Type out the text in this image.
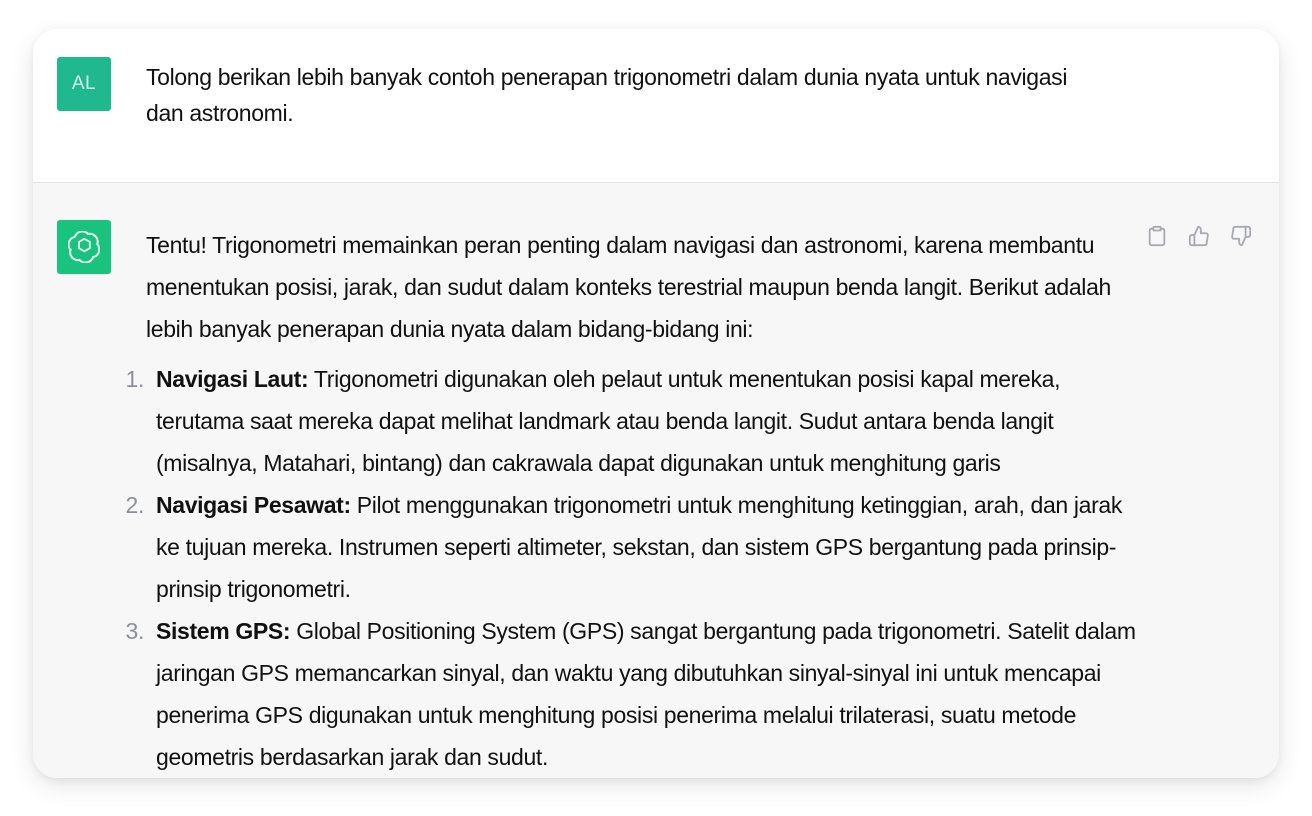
AL Tolong berikan lebih banyak contoh penerapan trigonometri dalam dunia nyata untuk navigasi dan astronomi.

Tentu! Trigonometri memainkan peran penting dalam navigasi dan astronomi, karena membantu menentukan posisi, jarak, dan sudut dalam konteks terestrial maupun benda langit. Berikut adalah lebih banyak penerapan dunia nyata dalam bidang-bidang ini:

1. Navigasi Laut: Trigonometri digunakan oleh pelaut untuk menentukan posisi kapal mereka, terutama saat mereka dapat melihat landmark atau benda langit. Sudut antara benda langit (misalnya, Matahari, bintang) dan cakrawala dapat digunakan untuk menghitung garis
2. Navigasi Pesawat: Pilot menggunakan trigonometri untuk menghitung ketinggian, arah, dan jarak ke tujuan mereka. Instrumen seperti altimeter, sekstan, dan sistem GPS bergantung pada prinsip-prinsip trigonometri.
3. Sistem GPS: Global Positioning System (GPS) sangat bergantung pada trigonometri. Satelit dalam jaringan GPS memancarkan sinyal, dan waktu yang dibutuhkan sinyal-sinyal ini untuk mencapai penerima GPS digunakan untuk menghitung posisi penerima melalui trilaterasi, suatu metode geometris berdasarkan jarak dan sudut.
